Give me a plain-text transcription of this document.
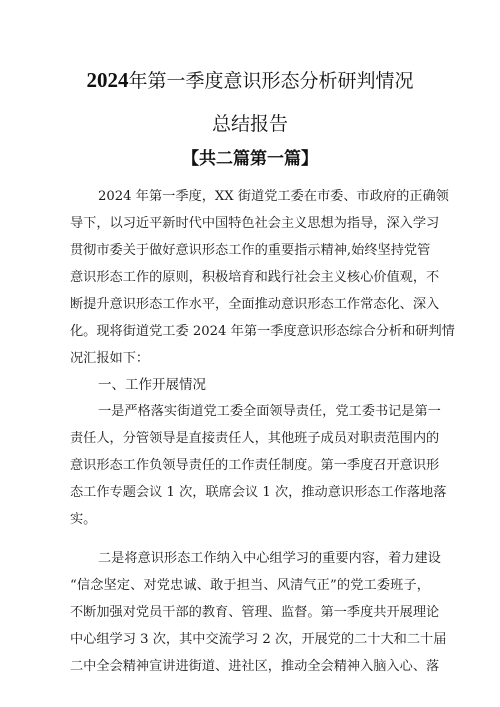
2024年第一季度意识形态分析研判情况
总结报告
【共二篇第一篇】
2024 年第一季度，XX 街道党工委在市委、市政府的正确领
导下，以习近平新时代中国特色社会主义思想为指导，深入学习
贯彻市委关于做好意识形态工作的重要指示精神,始终坚持党管
意识形态工作的原则，积极培育和践行社会主义核心价值观，不
断提升意识形态工作水平，全面推动意识形态工作常态化、深入
化。现将街道党工委 2024 年第一季度意识形态综合分析和研判情
况汇报如下：
一、工作开展情况
一是严格落实街道党工委全面领导责任，党工委书记是第一
责任人，分管领导是直接责任人，其他班子成员对职责范围内的
意识形态工作负领导责任的工作责任制度。第一季度召开意识形
态工作专题会议 1 次，联席会议 1 次，推动意识形态工作落地落
实。
二是将意识形态工作纳入中心组学习的重要内容，着力建设
“信念坚定、对党忠诚、敢于担当、风清气正”的党工委班子，
不断加强对党员干部的教育、管理、监督。第一季度共开展理论
中心组学习 3 次，其中交流学习 2 次，开展党的二十大和二十届
二中全会精神宣讲进街道、进社区，推动全会精神入脑入心、落
